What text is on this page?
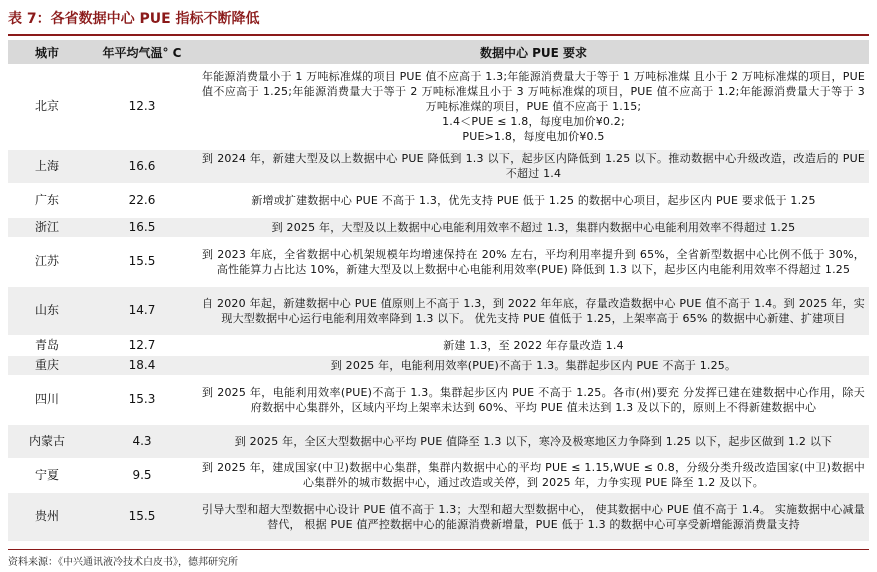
表 7：各省数据中心 PUE 指标不断降低
城市	年平均气温° C	数据中心 PUE 要求
北京	12.3	年能源消费量小于 1 万吨标准煤的项目 PUE 值不应高于 1.3;年能源消费量大于等于 1 万吨标准煤 且小于 2 万吨标准煤的项目，PUE 值不应高于 1.25;年能源消费量大于等于 2 万吨标准煤且小于 3 万吨标准煤的项目，PUE 值不应高于 1.2;年能源消费量大于等于 3 万吨标准煤的项目，PUE 值不应高于 1.15;
1.4＜PUE ≤ 1.8，每度电加价¥0.2;
PUE>1.8，每度电加价¥0.5
上海	16.6	到 2024 年，新建大型及以上数据中心 PUE 降低到 1.3 以下，起步区内降低到 1.25 以下。推动数据中心升级改造，改造后的 PUE 不超过 1.4
广东	22.6	新增或扩建数据中心 PUE 不高于 1.3，优先支持 PUE 低于 1.25 的数据中心项目，起步区内 PUE 要求低于 1.25
浙江	16.5	到 2025 年，大型及以上数据中心电能利用效率不超过 1.3，集群内数据中心电能利用效率不得超过 1.25
江苏	15.5	到 2023 年底，全省数据中心机架规模年均增速保持在 20% 左右，平均利用率提升到 65%，全省新型数据中心比例不低于 30%，高性能算力占比达 10%，新建大型及以上数据中心电能利用效率(PUE) 降低到 1.3 以下，起步区内电能利用效率不得超过 1.25
山东	14.7	自 2020 年起，新建数据中心 PUE 值原则上不高于 1.3，到 2022 年年底，存量改造数据中心 PUE 值不高于 1.4。到 2025 年，实现大型数据中心运行电能利用效率降到 1.3 以下。 优先支持 PUE 值低于 1.25，上架率高于 65% 的数据中心新建、扩建项目
青岛	12.7	新建 1.3，至 2022 年存量改造 1.4
重庆	18.4	到 2025 年，电能利用效率(PUE)不高于 1.3。集群起步区内 PUE 不高于 1.25。
四川	15.3	到 2025 年，电能利用效率(PUE)不高于 1.3。集群起步区内 PUE 不高于 1.25。各市(州)要充 分发挥已建在建数据中心作用，除天府数据中心集群外，区域内平均上架率未达到 60%、平均 PUE 值未达到 1.3 及以下的，原则上不得新建数据中心
内蒙古	4.3	到 2025 年，全区大型数据中心平均 PUE 值降至 1.3 以下，寒冷及极寒地区力争降到 1.25 以下，起步区做到 1.2 以下
宁夏	9.5	到 2025 年，建成国家(中卫)数据中心集群，集群内数据中心的平均 PUE ≤ 1.15,WUE ≤ 0.8，分级分类升级改造国家(中卫)数据中心集群外的城市数据中心，通过改造或关停，到 2025 年，力争实现 PUE 降至 1.2 及以下。
贵州	15.5	引导大型和超大型数据中心设计 PUE 值不高于 1.3；大型和超大型数据中心， 使其数据中心 PUE 值不高于 1.4。 实施数据中心减量替代， 根据 PUE 值严控数据中心的能源消费新增量，PUE 低于 1.3 的数据中心可享受新增能源消费量支持
资料来源：《中兴通讯液冷技术白皮书》，德邦研究所
